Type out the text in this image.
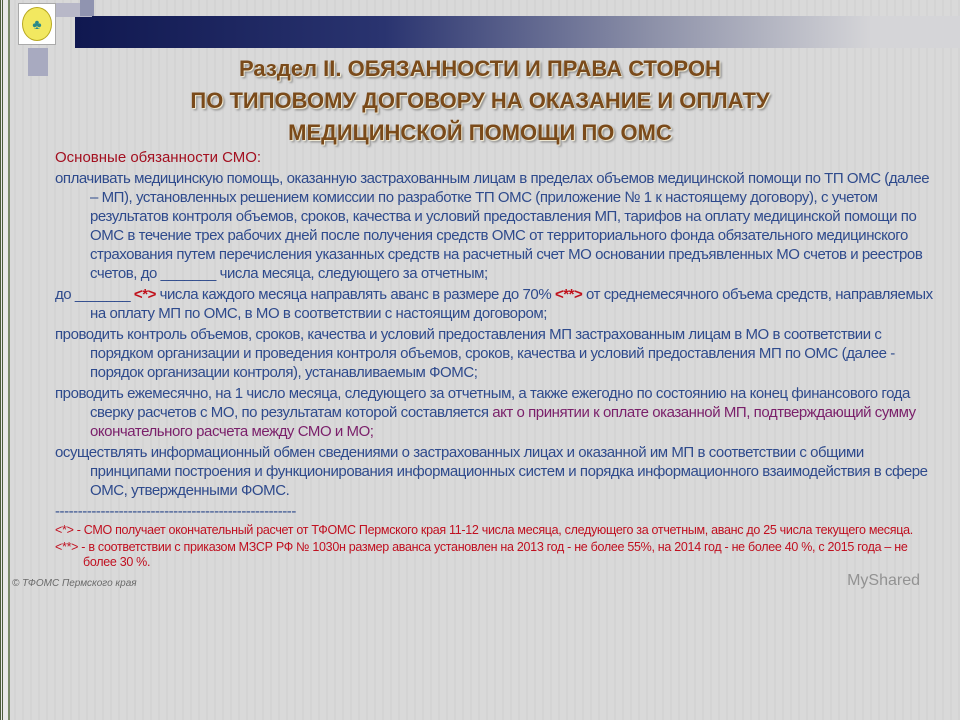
♣
Раздел II. ОБЯЗАННОСТИ И ПРАВА СТОРОН
ПО ТИПОВОМУ ДОГОВОРУ НА ОКАЗАНИЕ И ОПЛАТУ
МЕДИЦИНСКОЙ ПОМОЩИ ПО ОМС
Основные обязанности СМО:
оплачивать медицинскую помощь, оказанную застрахованным лицам в пределах объемов медицинской помощи по ТП ОМС (далее – МП), установленных решением комиссии по разработке ТП ОМС (приложение № 1 к настоящему договору), с учетом результатов контроля объемов, сроков, качества и условий предоставления МП, тарифов на оплату медицинской помощи по ОМС в течение трех рабочих дней после получения средств ОМС от территориального фонда обязательного медицинского страхования путем перечисления указанных средств на расчетный счет МО основании предъявленных МО счетов и реестров счетов, до _______ числа месяца, следующего за отчетным;
до _______ <*> числа каждого месяца направлять аванс в размере до 70% <**> от среднемесячного объема средств, направляемых на оплату МП по ОМС, в МО в соответствии с настоящим договором;
проводить контроль объемов, сроков, качества и условий предоставления МП застрахованным лицам в МО в соответствии с порядком организации и проведения контроля объемов, сроков, качества и условий предоставления МП по ОМС (далее - порядок организации контроля), устанавливаемым ФОМС;
проводить ежемесячно, на 1 число месяца, следующего за отчетным, а также ежегодно по состоянию на конец финансового года сверку расчетов с МО, по результатам которой составляется акт о принятии к оплате оказанной МП, подтверждающий сумму окончательного расчета между СМО и МО;
осуществлять информационный обмен сведениями о застрахованных лицах и оказанной им МП в соответствии с общими принципами построения и функционирования информационных систем и порядка информационного взаимодействия в сфере ОМС, утвержденными ФОМС.
-----------------------------------------------------
<*> - СМО получает окончательный расчет от ТФОМС Пермского края 11-12 числа месяца, следующего за отчетным, аванс до 25 числа текущего месяца.
<**> - в соответствии с приказом МЗСР РФ № 1030н размер аванса установлен на 2013 год - не более 55%, на 2014 год - не более 40 %, с 2015 года – не более 30 %.
© ТФОМС Пермского края	MyShared
